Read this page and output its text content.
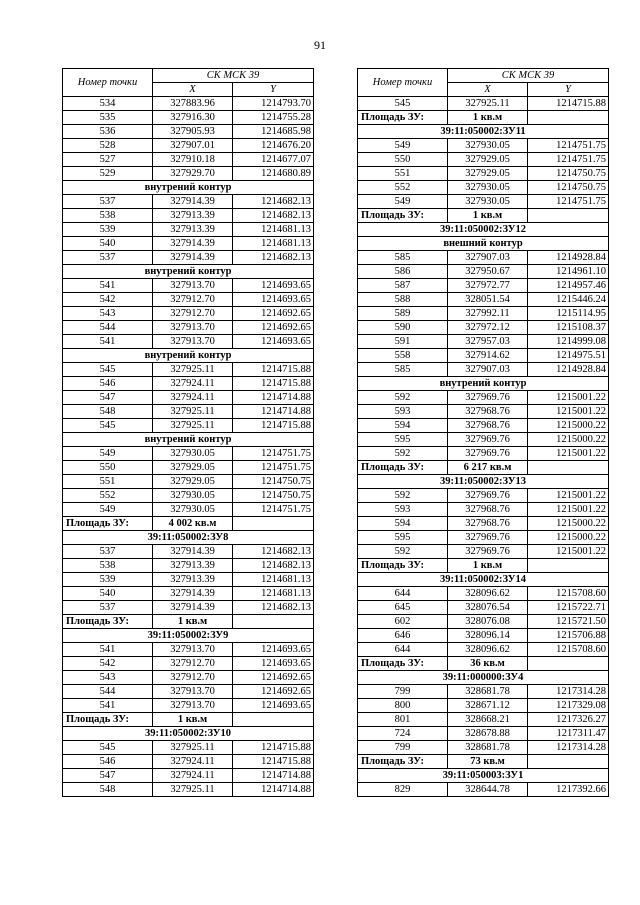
91
Номер точки	СК МСК 39	
	X	Y
534	327883.96	1214793.70
535	327916.30	1214755.28
536	327905.93	1214685.98
528	327907.01	1214676.20
527	327910.18	1214677.07
529	327929.70	1214680.89
внутрений контур		
537	327914.39	1214682.13
538	327913.39	1214682.13
539	327913.39	1214681.13
540	327914.39	1214681.13
537	327914.39	1214682.13
внутрений контур		
541	327913.70	1214693.65
542	327912.70	1214693.65
543	327912.70	1214692.65
544	327913.70	1214692.65
541	327913.70	1214693.65
внутрений контур		
545	327925.11	1214715.88
546	327924.11	1214715.88
547	327924.11	1214714.88
548	327925.11	1214714.88
545	327925.11	1214715.88
внутрений контур		
549	327930.05	1214751.75
550	327929.05	1214751.75
551	327929.05	1214750.75
552	327930.05	1214750.75
549	327930.05	1214751.75
Площадь ЗУ:	4 002 кв.м	
39:11:050002:ЗУ8		
537	327914.39	1214682.13
538	327913.39	1214682.13
539	327913.39	1214681.13
540	327914.39	1214681.13
537	327914.39	1214682.13
Площадь ЗУ:	1 кв.м	
39:11:050002:ЗУ9		
541	327913.70	1214693.65
542	327912.70	1214693.65
543	327912.70	1214692.65
544	327913.70	1214692.65
541	327913.70	1214693.65
Площадь ЗУ:	1 кв.м	
39:11:050002:ЗУ10		
545	327925.11	1214715.88
546	327924.11	1214715.88
547	327924.11	1214714.88
548	327925.11	1214714.88
Номер точки	СК МСК 39	
	X	Y
545	327925.11	1214715.88
Площадь ЗУ:	1 кв.м	
39:11:050002:ЗУ11		
549	327930.05	1214751.75
550	327929.05	1214751.75
551	327929.05	1214750.75
552	327930.05	1214750.75
549	327930.05	1214751.75
Площадь ЗУ:	1 кв.м	
39:11:050002:ЗУ12		
внешний контур		
585	327907.03	1214928.84
586	327950.67	1214961.10
587	327972.77	1214957.46
588	328051.54	1215446.24
589	327992.11	1215114.95
590	327972.12	1215108.37
591	327957.03	1214999.08
558	327914.62	1214975.51
585	327907.03	1214928.84
внутрений контур		
592	327969.76	1215001.22
593	327968.76	1215001.22
594	327968.76	1215000.22
595	327969.76	1215000.22
592	327969.76	1215001.22
Площадь ЗУ:	6 217 кв.м	
39:11:050002:ЗУ13		
592	327969.76	1215001.22
593	327968.76	1215001.22
594	327968.76	1215000.22
595	327969.76	1215000.22
592	327969.76	1215001.22
Площадь ЗУ:	1 кв.м	
39:11:050002:ЗУ14		
644	328096.62	1215708.60
645	328076.54	1215722.71
602	328076.08	1215721.50
646	328096.14	1215706.88
644	328096.62	1215708.60
Площадь ЗУ:	36 кв.м	
39:11:000000:ЗУ4		
799	328681.78	1217314.28
800	328671.12	1217329.08
801	328668.21	1217326.27
724	328678.88	1217311.47
799	328681.78	1217314.28
Площадь ЗУ:	73 кв.м	
39:11:050003:ЗУ1		
829	328644.78	1217392.66
